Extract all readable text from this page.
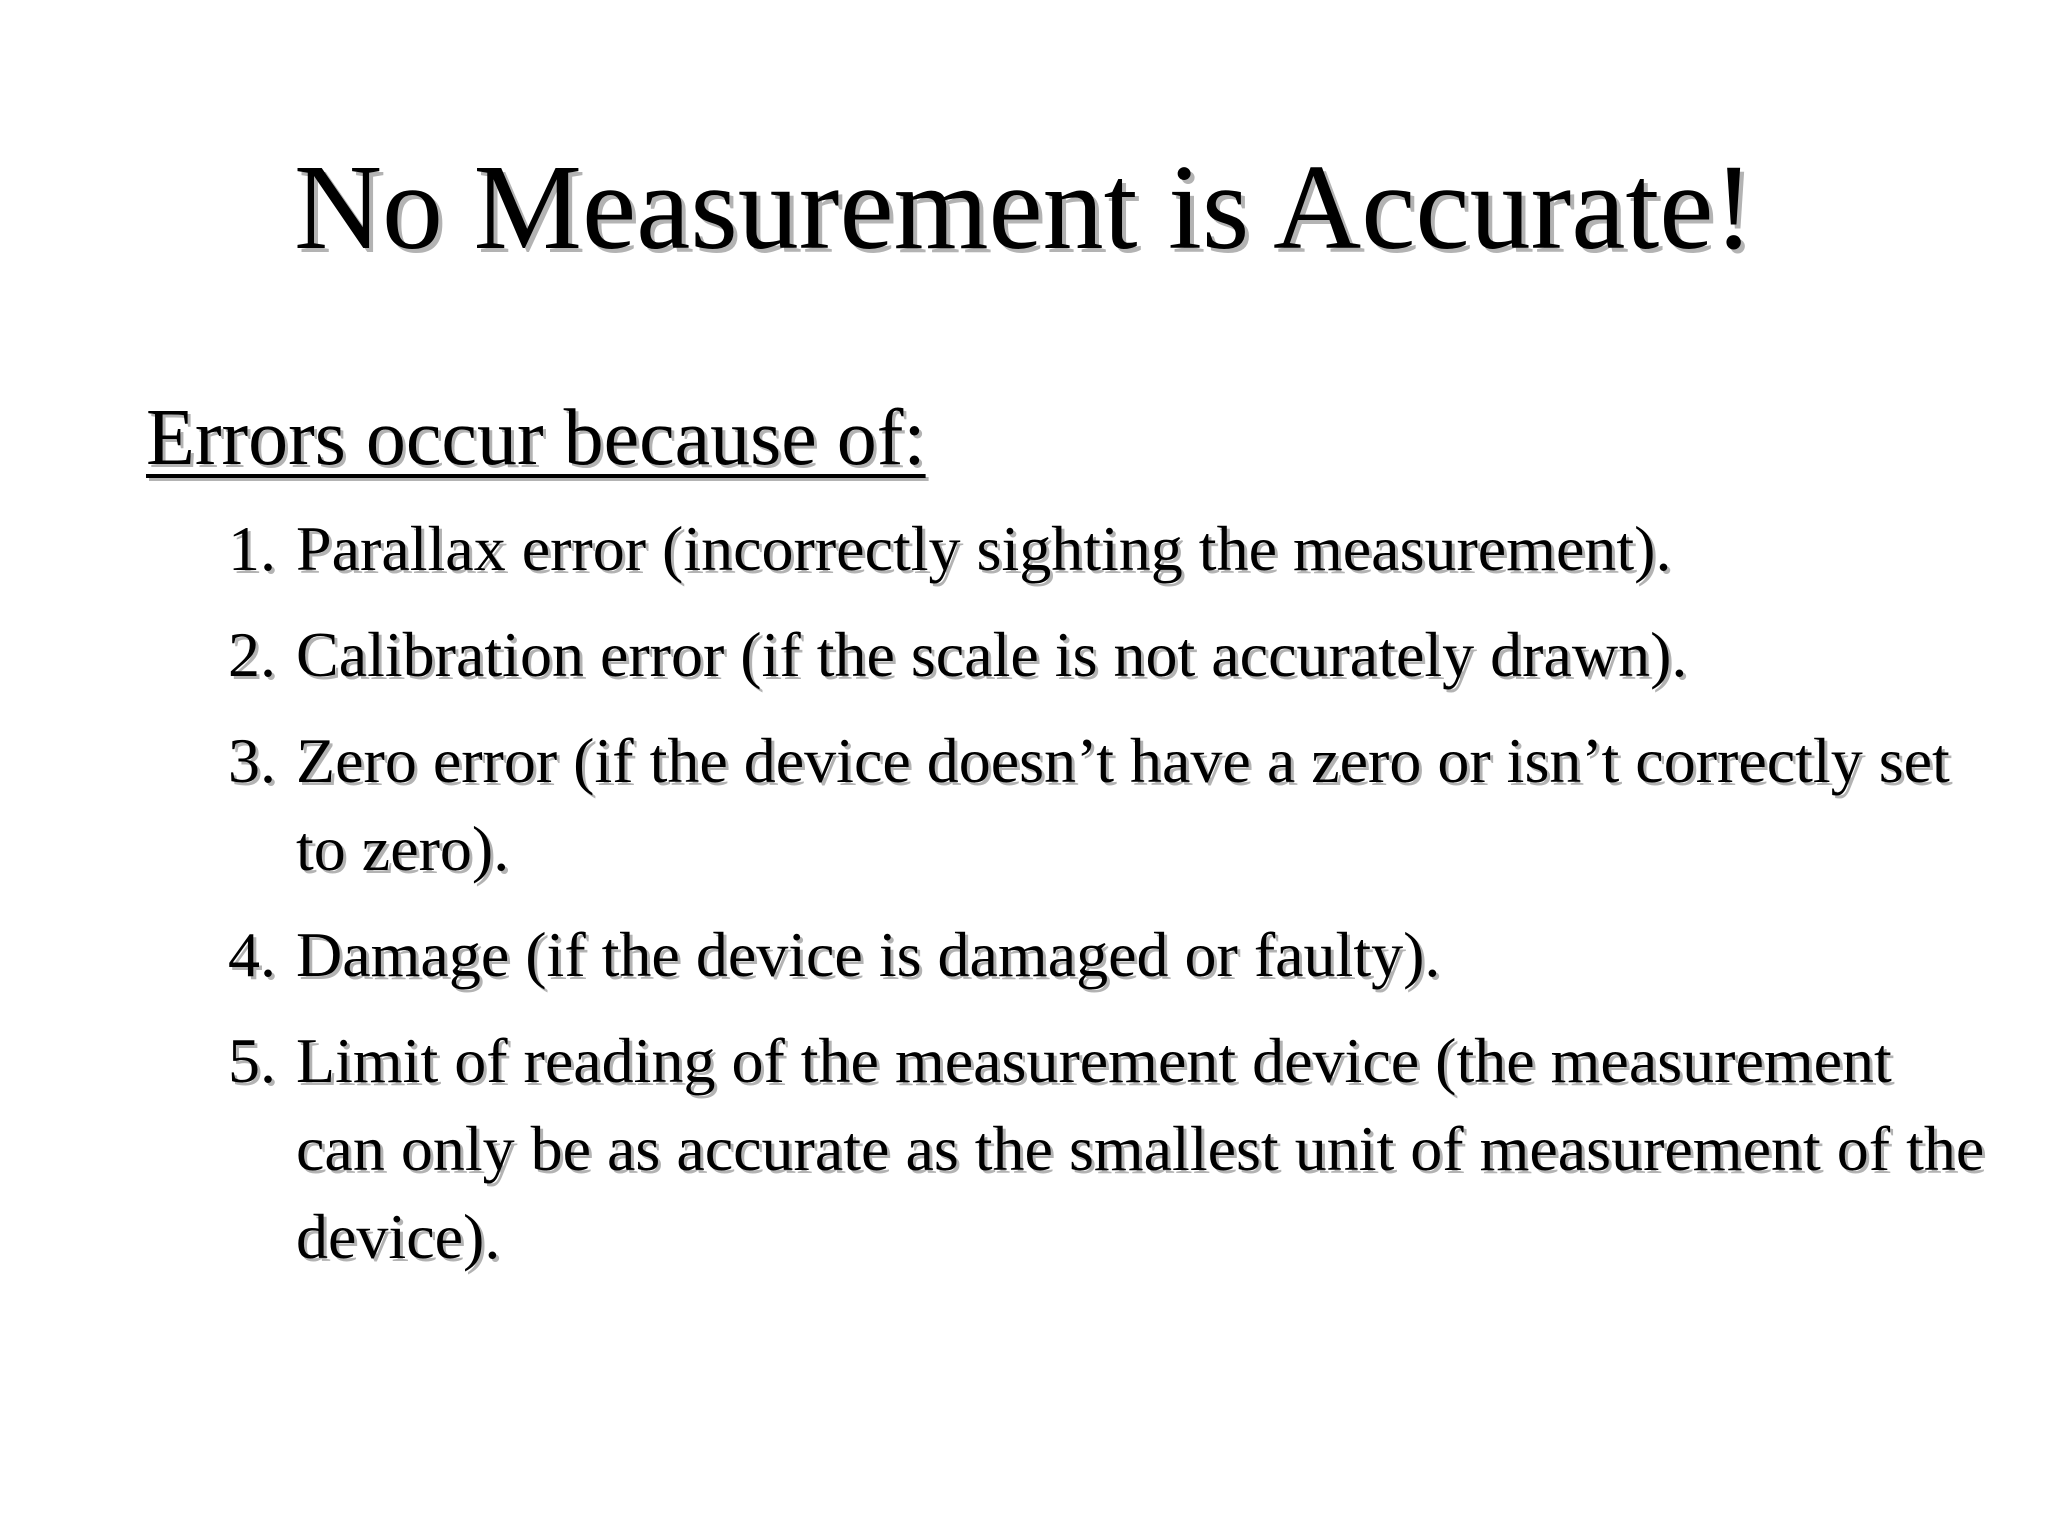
No Measurement is Accurate!
Errors occur because of:
1. Parallax error (incorrectly sighting the measurement).
2. Calibration error (if the scale is not accurately drawn).
3. Zero error (if the device doesn’t have a zero or isn’t correctly set to zero).
4. Damage (if the device is damaged or faulty).
5. Limit of reading of the measurement device (the measurement can only be as accurate as the smallest unit of measurement of the device).
